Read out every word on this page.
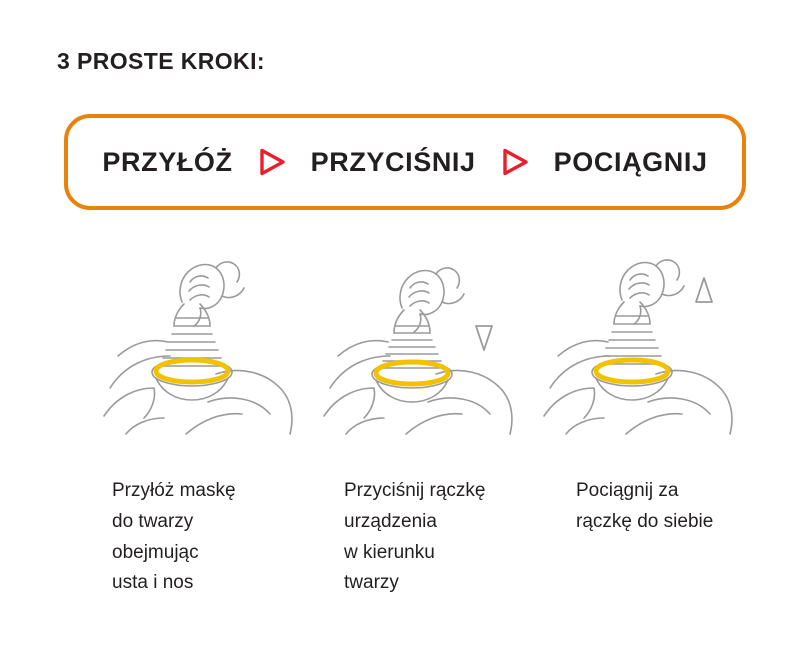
3 PROSTE KROKI:
PRZYŁÓŻ	PRZYCIŚNIJ	POCIĄGNIJ
Przyłóż maskę
do twarzy
obejmując
usta i nos
Przyciśnij rączkę
urządzenia
w kierunku
twarzy
Pociągnij za
rączkę do siebie
